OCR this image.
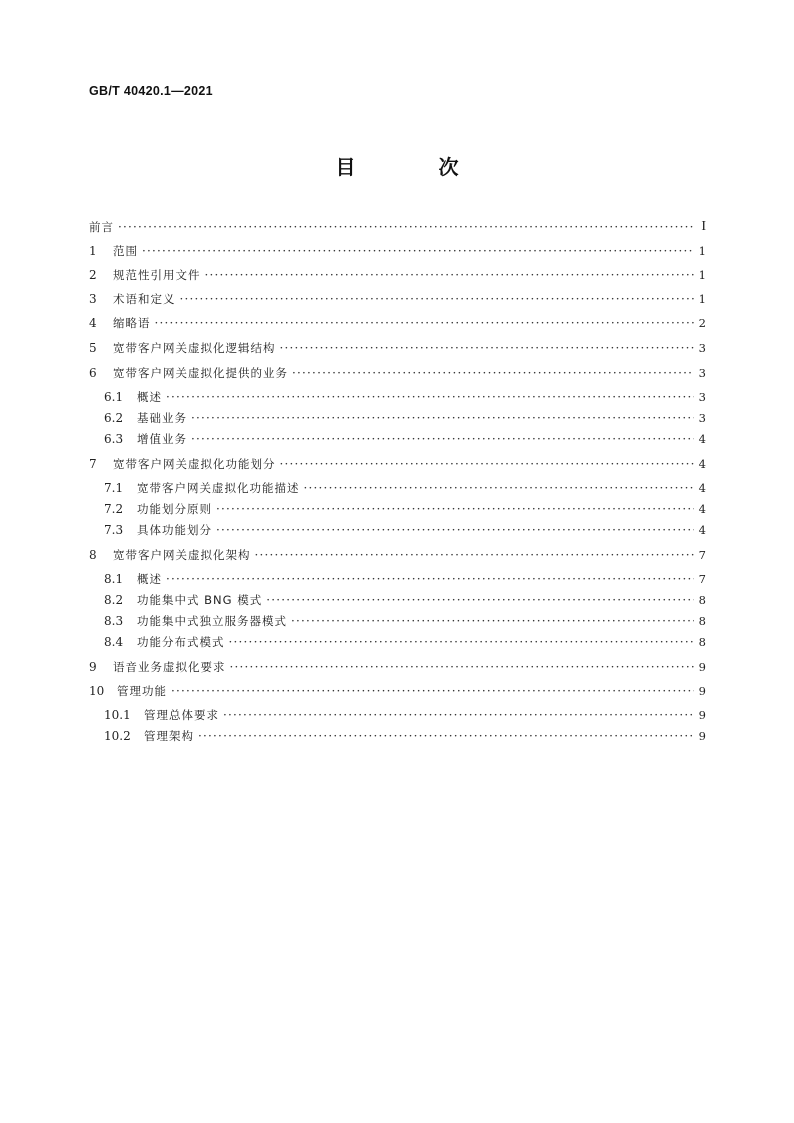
GB/T 40420.1—2021
目 次
前言 ·····	I
1	范围 ·····	1
2	规范性引用文件 ·····	1
3	术语和定义 ·····	1
4	缩略语 ·····	2
5	宽带客户网关虚拟化逻辑结构 ·····	3
6	宽带客户网关虚拟化提供的业务 ·····	3
6.1	概述 ·····	3
6.2	基础业务 ·····	3
6.3	增值业务 ·····	4
7	宽带客户网关虚拟化功能划分 ·····	4
7.1	宽带客户网关虚拟化功能描述 ·····	4
7.2	功能划分原则 ·····	4
7.3	具体功能划分 ·····	4
8	宽带客户网关虚拟化架构 ·····	7
8.1	概述 ·····	7
8.2	功能集中式 BNG 模式 ·····	8
8.3	功能集中式独立服务器模式 ·····	8
8.4	功能分布式模式 ·····	8
9	语音业务虚拟化要求 ·····	9
10	管理功能 ·····	9
10.1	管理总体要求 ·····	9
10.2	管理架构 ·····	9
